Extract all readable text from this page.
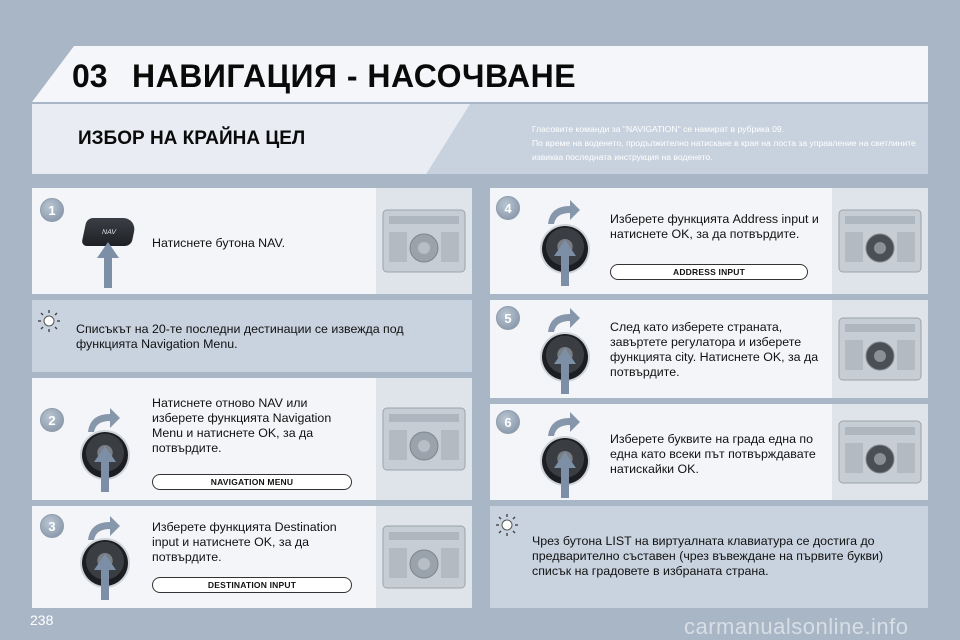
03 НАВИГАЦИЯ - НАСОЧВАНЕ
ИЗБОР НА КРАЙНА ЦЕЛ	Гласовите команди за "NAVIGATION" се намират в рубрика 09.
По време на воденето, продължително натискане в края на лоста за управление на светлините извиква последната инструкция на воденето.
1
NAV
Натиснете бутона NAV.
Списъкът на 20-те последни дестинации се извежда под функцията Navigation Menu.
2
Натиснете отново NAV или изберете функцията Navigation Menu и натиснете OK, за да потвърдите.
NAVIGATION MENU
3	Изберете функцията Destination input и натиснете OK, за да потвърдите.
DESTINATION INPUT
4
Изберете функцията Address input и натиснете OK, за да потвърдите.
ADDRESS INPUT
5
След като изберете страната, завъртете регулатора и изберете функцията city. Натиснете OK, за да потвърдите.
6
Изберете буквите на града една по една като всеки път потвърждавате натискайки OK.
Чрез бутона LIST на виртуалната клавиатура се достига до предварително съставен (чрез въвеждане на първите букви) списък на градовете в избраната страна.
238	carmanualsonline.info
